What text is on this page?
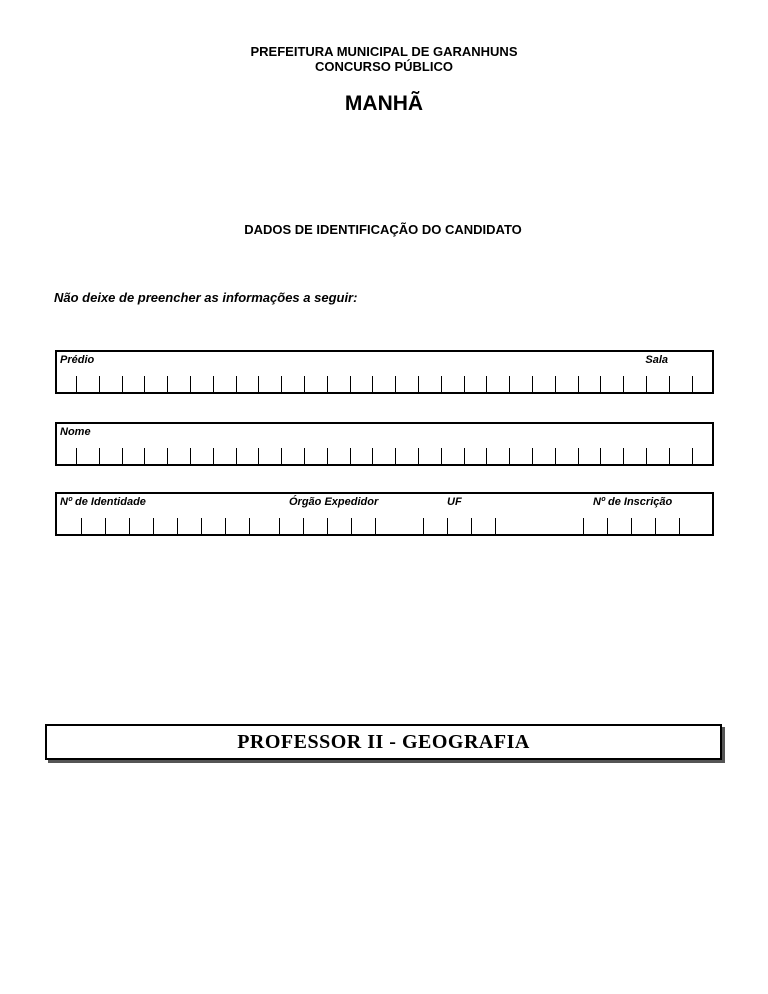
PREFEITURA MUNICIPAL DE GARANHUNS

CONCURSO PÚBLICO

MANHÃ

DADOS DE IDENTIFICAÇÃO DO CANDIDATO

Não deixe de preencher as informações a seguir:
Prédio	Sala
Nome
Nº de Identidade	Órgão Expedidor	UF	Nº de Inscrição
PROFESSOR II - GEOGRAFIA
